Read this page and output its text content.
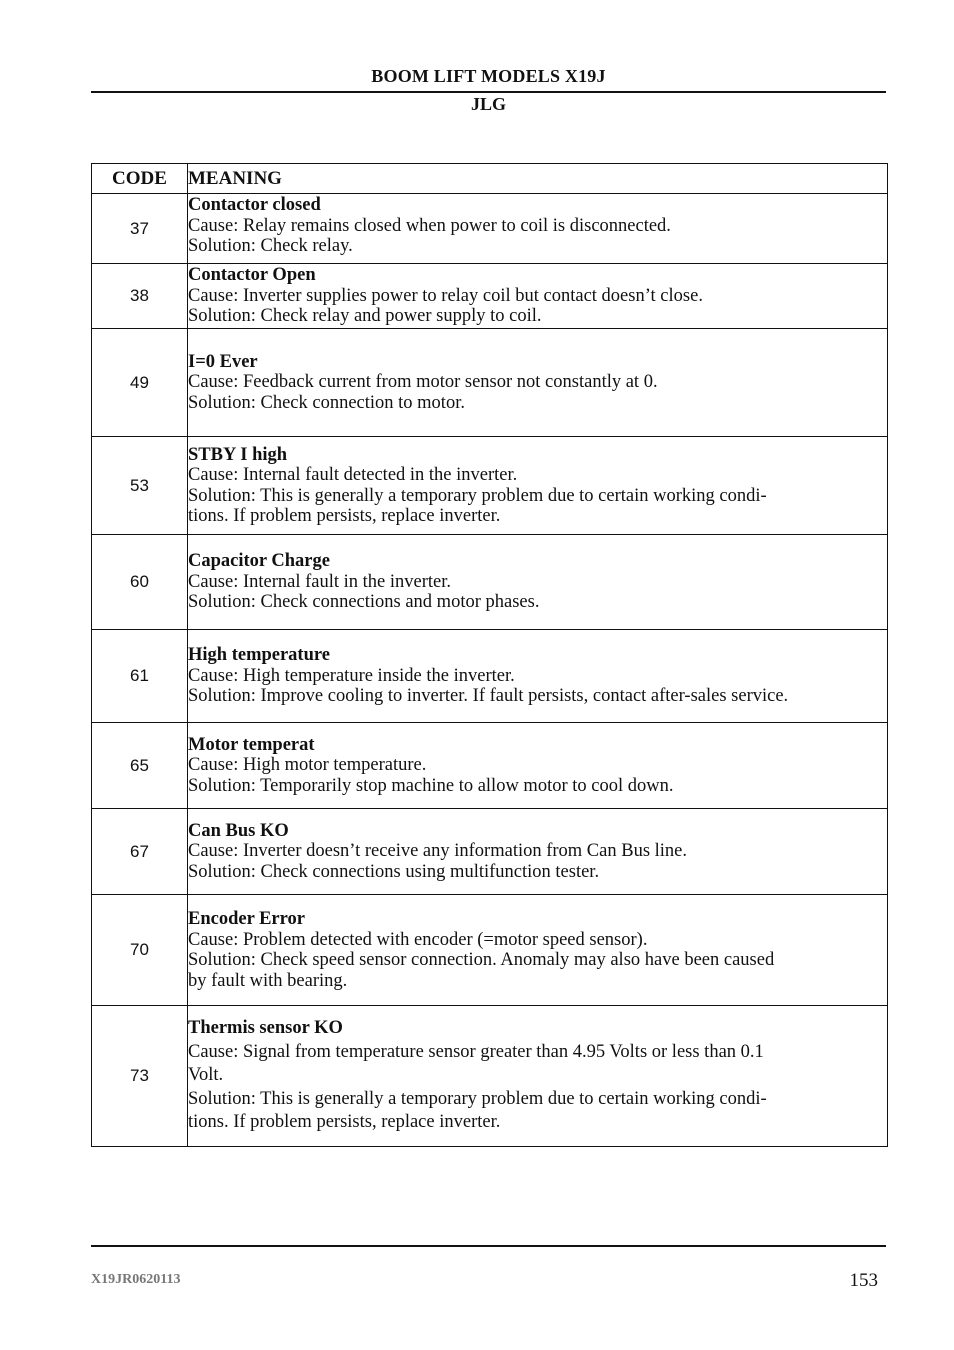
BOOM LIFT MODELS X19J
JLG
CODE	MEANING
37	Contactor closed
Cause: Relay remains closed when power to coil is disconnected.
Solution: Check relay.

38	Contactor Open
Cause: Inverter supplies power to relay coil but contact doesn’t close.
Solution: Check relay and power supply to coil.

49	I=0 Ever
Cause: Feedback current from motor sensor not constantly at 0.
Solution: Check connection to motor.

53	STBY I high
Cause: Internal fault detected in the inverter.
Solution: This is generally a temporary problem due to certain working condi-
tions. If problem persists, replace inverter.

60	Capacitor Charge
Cause: Internal fault in the inverter.
Solution: Check connections and motor phases.

61	High temperature
Cause: High temperature inside the inverter.
Solution: Improve cooling to inverter. If fault persists, contact after-sales service.

65	Motor temperat
Cause: High motor temperature.
Solution: Temporarily stop machine to allow motor to cool down.

67	Can Bus KO
Cause: Inverter doesn’t receive any information from Can Bus line.
Solution: Check connections using multifunction tester.

70	Encoder Error
Cause: Problem detected with encoder (=motor speed sensor).
Solution: Check speed sensor connection. Anomaly may also have been caused
by fault with bearing.

73	Thermis sensor KO
Cause: Signal from temperature sensor greater than 4.95 Volts or less than 0.1
Volt.
Solution: This is generally a temporary problem due to certain working condi-
tions. If problem persists, replace inverter.
X19JR0620113	153
